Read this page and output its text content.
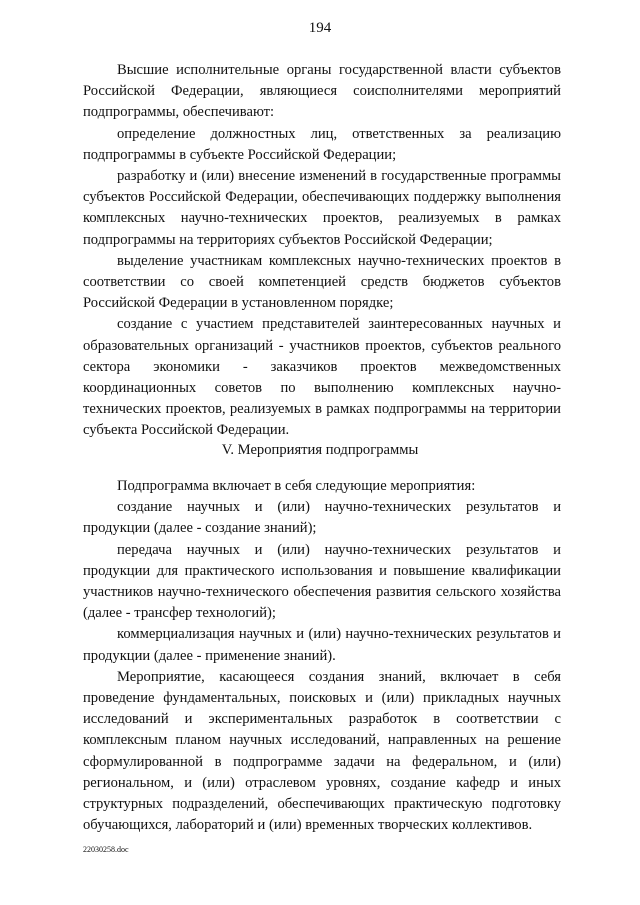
194

Высшие исполнительные органы государственной власти субъектов Российской Федерации, являющиеся соисполнителями мероприятий подпрограммы, обеспечивают:

определение должностных лиц, ответственных за реализацию подпрограммы в субъекте Российской Федерации;

разработку и (или) внесение изменений в государственные программы субъектов Российской Федерации, обеспечивающих поддержку выполнения комплексных научно-технических проектов, реализуемых в рамках подпрограммы на территориях субъектов Российской Федерации;

выделение участникам комплексных научно-технических проектов в соответствии со своей компетенцией средств бюджетов субъектов Российской Федерации в установленном порядке;

создание с участием представителей заинтересованных научных и образовательных организаций - участников проектов, субъектов реального сектора экономики - заказчиков проектов межведомственных координационных советов по выполнению комплексных научно-технических проектов, реализуемых в рамках подпрограммы на территории субъекта Российской Федерации.

V. Мероприятия подпрограммы

Подпрограмма включает в себя следующие мероприятия:

создание научных и (или) научно-технических результатов и продукции (далее - создание знаний);

передача научных и (или) научно-технических результатов и продукции для практического использования и повышение квалификации участников научно-технического обеспечения развития сельского хозяйства (далее - трансфер технологий);

коммерциализация научных и (или) научно-технических результатов и продукции (далее - применение знаний).

Мероприятие, касающееся создания знаний, включает в себя проведение фундаментальных, поисковых и (или) прикладных научных исследований и экспериментальных разработок в соответствии с комплексным планом научных исследований, направленных на решение сформулированной в подпрограмме задачи на федеральном, и (или) региональном, и (или) отраслевом уровнях, создание кафедр и иных структурных подразделений, обеспечивающих практическую подготовку обучающихся, лабораторий и (или) временных творческих коллективов.

22030258.doc
